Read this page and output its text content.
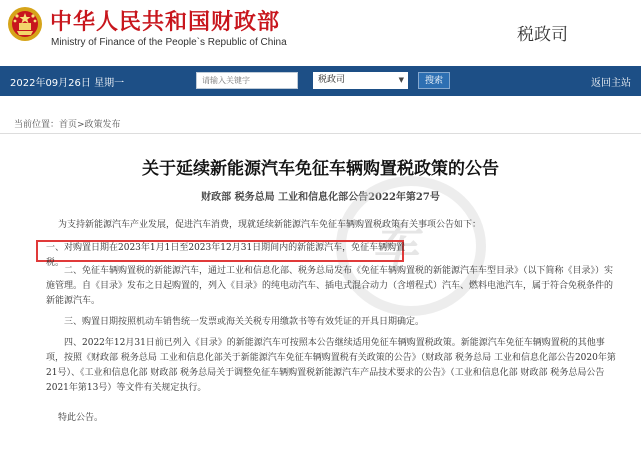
中华人民共和国财政部
Ministry of Finance of the People`s Republic of China	税政司
2022年09月26日 星期一
请输入关键字	税政司	▼	搜索	返回主站
当前位置：首页>政策发布
关于延续新能源汽车免征车辆购置税政策的公告
财政部 税务总局 工业和信息化部公告2022年第27号
车
为支持新能源汽车产业发展，促进汽车消费，现就延续新能源汽车免征车辆购置税政策有关事项公告如下：
一、对购置日期在2023年1月1日至2023年12月31日期间内的新能源汽车，免征车辆购置税。
二、免征车辆购置税的新能源汽车，通过工业和信息化部、税务总局发布《免征车辆购置税的新能源汽车车型目录》（以下简称《目录》）实施管理。自《目录》发布之日起购置的，列入《目录》的纯电动汽车、插电式混合动力（含增程式）汽车、燃料电池汽车，属于符合免税条件的新能源汽车。
三、购置日期按照机动车销售统一发票或海关关税专用缴款书等有效凭证的开具日期确定。
四、2022年12月31日前已列入《目录》的新能源汽车可按照本公告继续适用免征车辆购置税政策。新能源汽车免征车辆购置税的其他事项，按照《财政部 税务总局 工业和信息化部关于新能源汽车免征车辆购置税有关政策的公告》（财政部 税务总局 工业和信息化部公告2020年第21号）、《工业和信息化部 财政部 税务总局关于调整免征车辆购置税新能源汽车产品技术要求的公告》（工业和信息化部 财政部 税务总局公告2021年第13号）等文件有关规定执行。
特此公告。
